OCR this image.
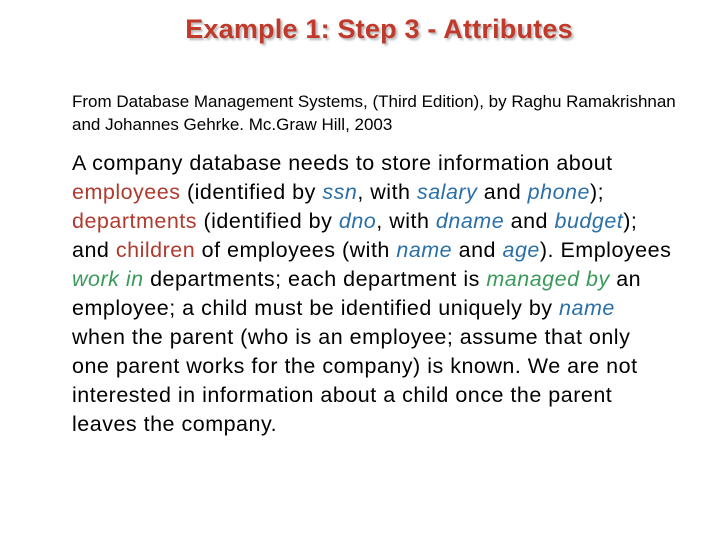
Example 1: Step 3 - Attributes
From Database Management Systems, (Third Edition), by Raghu Ramakrishnan and Johannes Gehrke. Mc.Graw Hill, 2003
A company database needs to store information about employees (identified by ssn, with salary and phone); departments (identified by dno, with dname and budget); and children of employees (with name and age). Employees work in departments; each department is managed by an employee; a child must be identified uniquely by name when the parent (who is an employee; assume that only one parent works for the company) is known. We are not interested in information about a child once the parent leaves the company.
